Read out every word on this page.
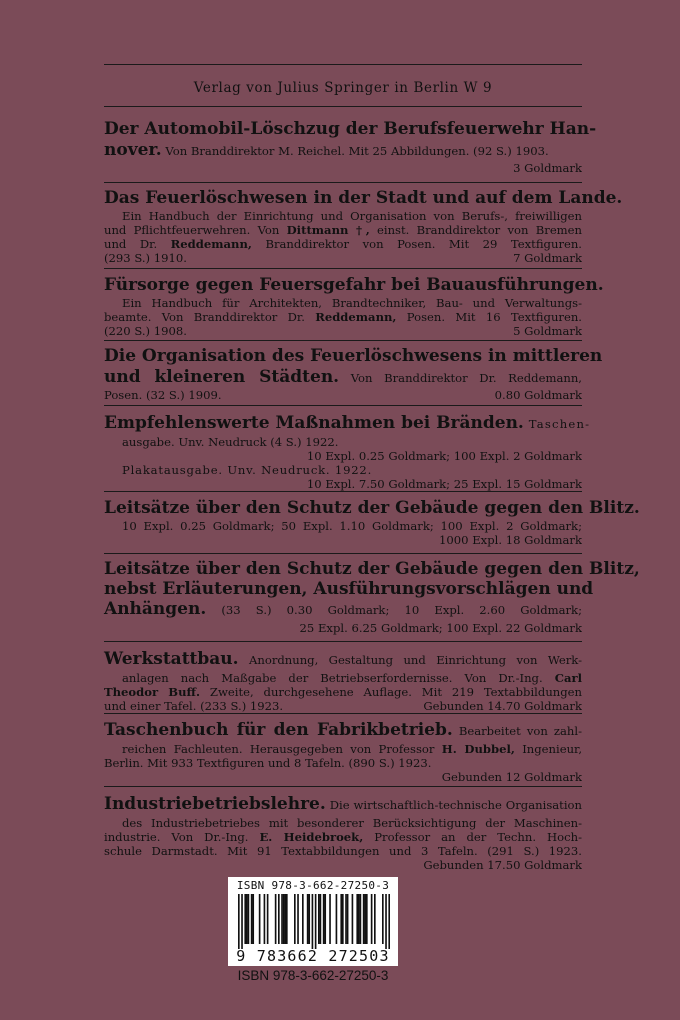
Verlag von Julius Springer in Berlin W 9
Der Automobil-Löschzug der Berufsfeuerwehr Han-
nover. Von Branddirektor M. Reichel. Mit 25 Abbildungen. (92 S.) 1903.
3 Goldmark
Das Feuerlöschwesen in der Stadt und auf dem Lande.
Ein Handbuch der Einrichtung und Organisation von Berufs-, freiwilligen
und Pflichtfeuerwehren. Von Dittmann †, einst. Branddirektor von Bremen
und Dr. Reddemann, Branddirektor von Posen. Mit 29 Textfiguren.
(293 S.) 1910.	7 Goldmark
Fürsorge gegen Feuersgefahr bei Bauausführungen.
Ein Handbuch für Architekten, Brandtechniker, Bau- und Verwaltungs-
beamte. Von Branddirektor Dr. Reddemann, Posen. Mit 16 Textfiguren.
(220 S.) 1908.	5 Goldmark
Die Organisation des Feuerlöschwesens in mittleren
und kleineren Städten. Von Branddirektor Dr. Reddemann,
Posen. (32 S.) 1909.	0.80 Goldmark
Empfehlenswerte Maßnahmen bei Bränden. Taschen-
ausgabe. Unv. Neudruck (4 S.) 1922.
10 Expl. 0.25 Goldmark; 100 Expl. 2 Goldmark
Plakatausgabe. Unv. Neudruck. 1922.
10 Expl. 7.50 Goldmark; 25 Expl. 15 Goldmark
Leitsätze über den Schutz der Gebäude gegen den Blitz.
10 Expl. 0.25 Goldmark; 50 Expl. 1.10 Goldmark; 100 Expl. 2 Goldmark;
1000 Expl. 18 Goldmark
Leitsätze über den Schutz der Gebäude gegen den Blitz,
nebst Erläuterungen, Ausführungsvorschlägen und
Anhängen. (33 S.) 0.30 Goldmark; 10 Expl. 2.60 Goldmark;
25 Expl. 6.25 Goldmark; 100 Expl. 22 Goldmark
Werkstattbau. Anordnung, Gestaltung und Einrichtung von Werk-
anlagen nach Maßgabe der Betriebserfordernisse. Von Dr.-Ing. Carl
Theodor Buff. Zweite, durchgesehene Auflage. Mit 219 Textabbildungen
und einer Tafel. (233 S.) 1923.	Gebunden 14.70 Goldmark
Taschenbuch für den Fabrikbetrieb. Bearbeitet von zahl-
reichen Fachleuten. Herausgegeben von Professor H. Dubbel, Ingenieur,
Berlin. Mit 933 Textfiguren und 8 Tafeln. (890 S.) 1923.
Gebunden 12 Goldmark
Industriebetriebslehre. Die wirtschaftlich-technische Organisation
des Industriebetriebes mit besonderer Berücksichtigung der Maschinen-
industrie. Von Dr.-Ing. E. Heidebroek, Professor an der Techn. Hoch-
schule Darmstadt. Mit 91 Textabbildungen und 3 Tafeln. (291 S.) 1923.
Gebunden 17.50 Goldmark
ISBN 978-3-662-27250-3
9 783662 272503
ISBN 978-3-662-27250-3
